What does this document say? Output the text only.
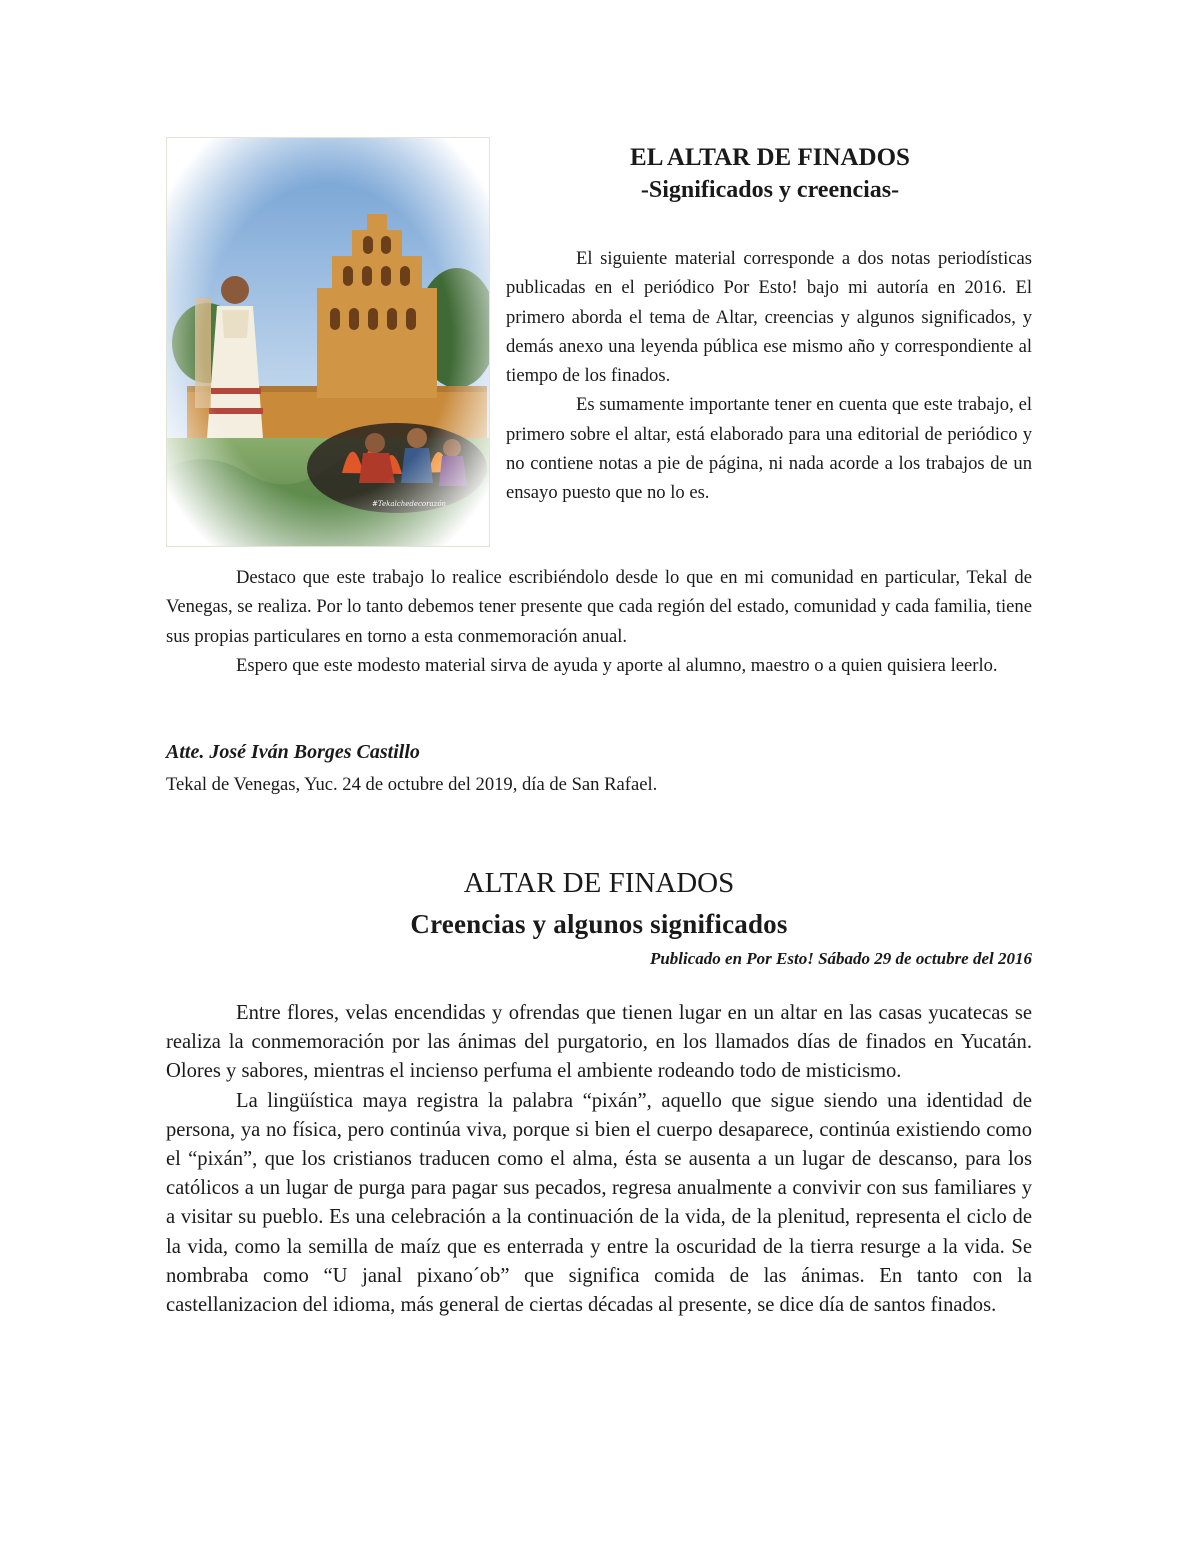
EL ALTAR DE FINADOS
-Significados y creencias-

El siguiente material corresponde a dos notas periodísticas publicadas en el periódico Por Esto! bajo mi autoría en 2016. El primero aborda el tema de Altar, creencias y algunos significados, y demás anexo una leyenda pública ese mismo año y correspondiente al tiempo de los finados.

Es sumamente importante tener en cuenta que este trabajo, el primero sobre el altar, está elaborado para una editorial de periódico y no contiene notas a pie de página, ni nada acorde a los trabajos de un ensayo puesto que no lo es.

Destaco que este trabajo lo realice escribiéndolo desde lo que en mi comunidad en particular, Tekal de Venegas, se realiza. Por lo tanto debemos tener presente que cada región del estado, comunidad y cada familia, tiene sus propias particulares en torno a esta conmemoración anual.

Espero que este modesto material sirva de ayuda y aporte al alumno, maestro o a quien quisiera leerlo.

Atte. José Iván Borges Castillo
Tekal de Venegas, Yuc. 24 de octubre del 2019, día de San Rafael.
ALTAR DE FINADOS
Creencias y algunos significados
Publicado en Por Esto! Sábado 29 de octubre del 2016

Entre flores, velas encendidas y ofrendas que tienen lugar en un altar en las casas yucatecas se realiza la conmemoración por las ánimas del purgatorio, en los llamados días de finados en Yucatán. Olores y sabores, mientras el incienso perfuma el ambiente rodeando todo de misticismo.

La lingüística maya registra la palabra “pixán”, aquello que sigue siendo una identidad de persona, ya no física, pero continúa viva, porque si bien el cuerpo desaparece, continúa existiendo como el “pixán”, que los cristianos traducen como el alma, ésta se ausenta a un lugar de descanso, para los católicos a un lugar de purga para pagar sus pecados, regresa anualmente a convivir con sus familiares y a visitar su pueblo. Es una celebración a la continuación de la vida, de la plenitud, representa el ciclo de la vida, como la semilla de maíz que es enterrada y entre la oscuridad de la tierra resurge a la vida. Se nombraba como “U janal pixano´ob” que significa comida de las ánimas. En tanto con la castellanizacion del idioma, más general de ciertas décadas al presente, se dice día de santos finados.
